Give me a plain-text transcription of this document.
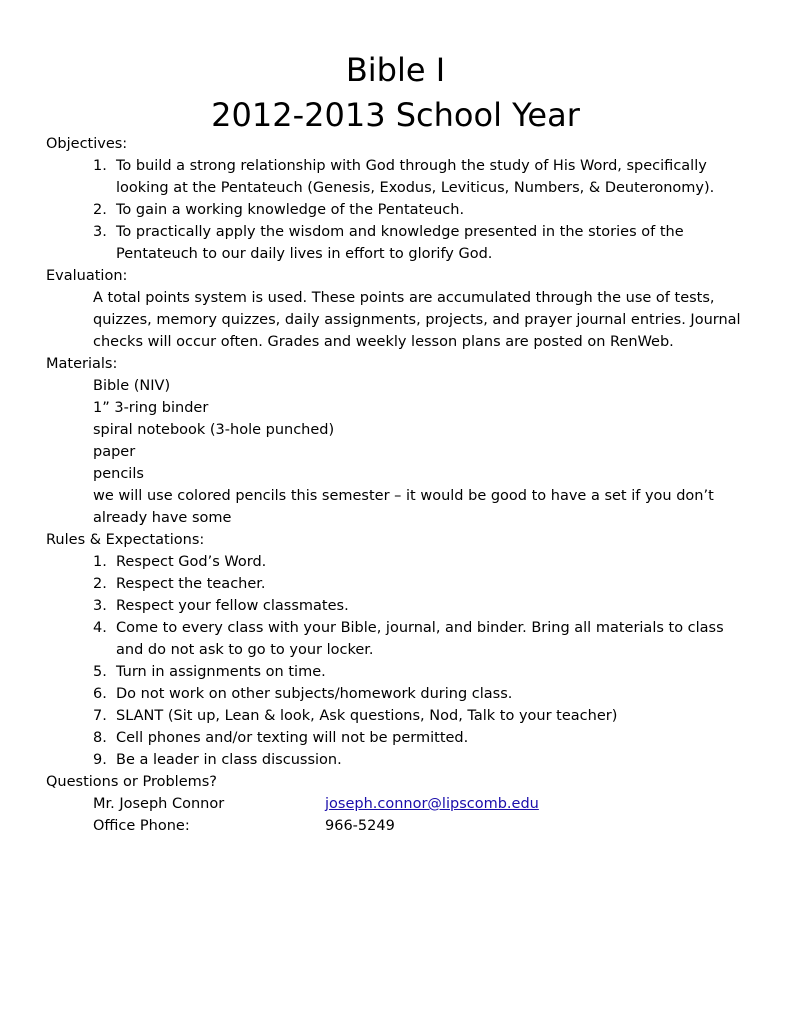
Bible I
2012-2013 School Year

Objectives:

1. To build a strong relationship with God through the study of His Word, specifically looking at the Pentateuch (Genesis, Exodus, Leviticus, Numbers, & Deuteronomy).
2. To gain a working knowledge of the Pentateuch.
3. To practically apply the wisdom and knowledge presented in the stories of the Pentateuch to our daily lives in effort to glorify God.

Evaluation:

A total points system is used. These points are accumulated through the use of tests, quizzes, memory quizzes, daily assignments, projects, and prayer journal entries. Journal checks will occur often. Grades and weekly lesson plans are posted on RenWeb.

Materials:

Bible (NIV)

1” 3-ring binder

spiral notebook (3-hole punched)

paper

pencils

we will use colored pencils this semester – it would be good to have a set if you don’t already have some

Rules & Expectations:

1. Respect God’s Word.
2. Respect the teacher.
3. Respect your fellow classmates.
4. Come to every class with your Bible, journal, and binder. Bring all materials to class and do not ask to go to your locker.
5. Turn in assignments on time.
6. Do not work on other subjects/homework during class.
7. SLANT (Sit up, Lean & look, Ask questions, Nod, Talk to your teacher)
8. Cell phones and/or texting will not be permitted.
9. Be a leader in class discussion.

Questions or Problems?

Mr. Joseph Connor	joseph.connor@lipscomb.edu
Office Phone:	966-5249
